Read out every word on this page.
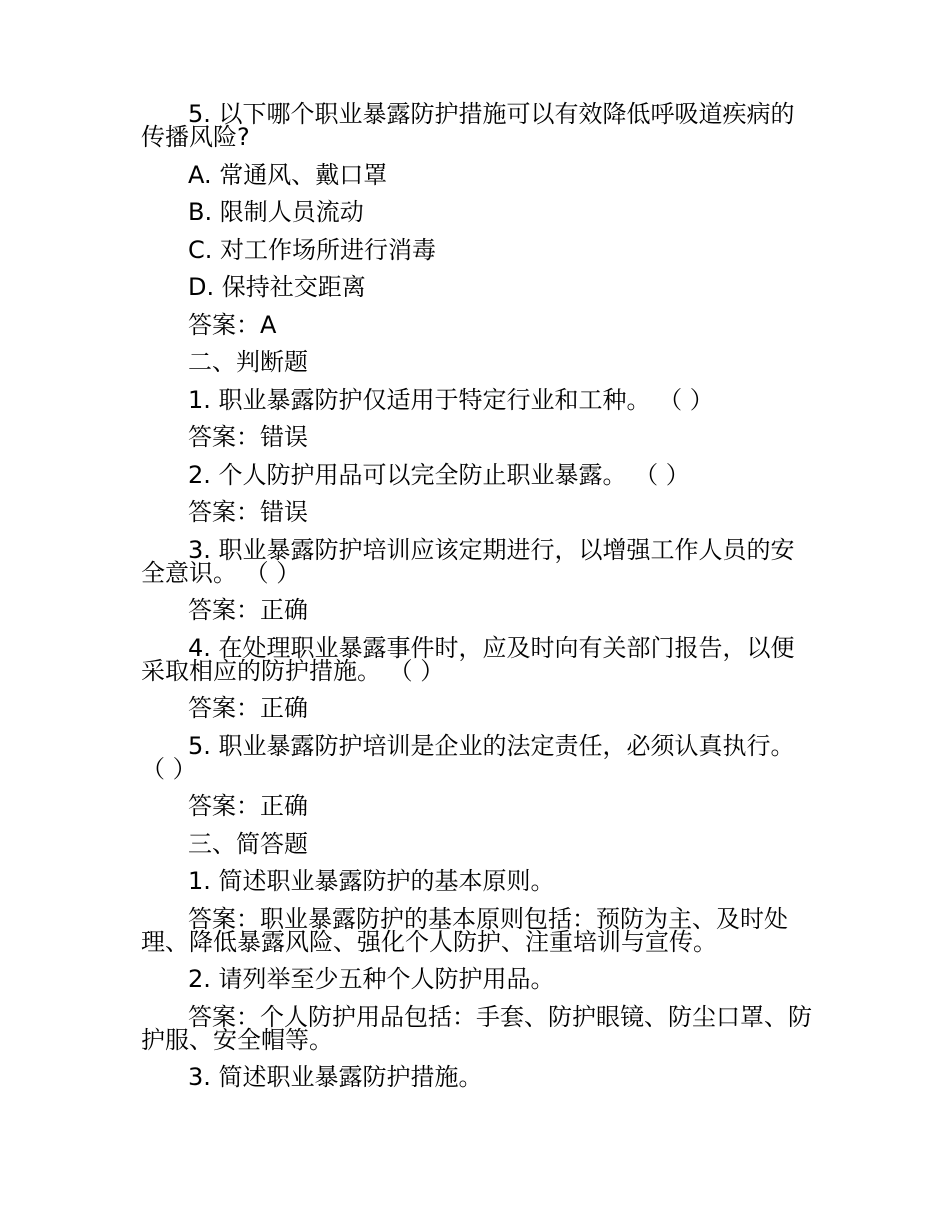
5. 以下哪个职业暴露防护措施可以有效降低呼吸道疾病的传播风险?

A. 常通风、戴口罩

B. 限制人员流动

C. 对工作场所进行消毒

D. 保持社交距离

答案：A

二、判断题

1. 职业暴露防护仅适用于特定行业和工种。 （ ）

答案：错误

2. 个人防护用品可以完全防止职业暴露。 （ ）

答案：错误

3. 职业暴露防护培训应该定期进行，以增强工作人员的安全意识。 （ ）

答案：正确

4. 在处理职业暴露事件时，应及时向有关部门报告，以便采取相应的防护措施。 （ ）

答案：正确

5. 职业暴露防护培训是企业的法定责任，必须认真执行。 （ ）

答案：正确

三、简答题

1. 简述职业暴露防护的基本原则。

答案：职业暴露防护的基本原则包括：预防为主、及时处理、降低暴露风险、强化个人防护、注重培训与宣传。

2. 请列举至少五种个人防护用品。

答案：个人防护用品包括：手套、防护眼镜、防尘口罩、防护服、安全帽等。

3. 简述职业暴露防护措施。
